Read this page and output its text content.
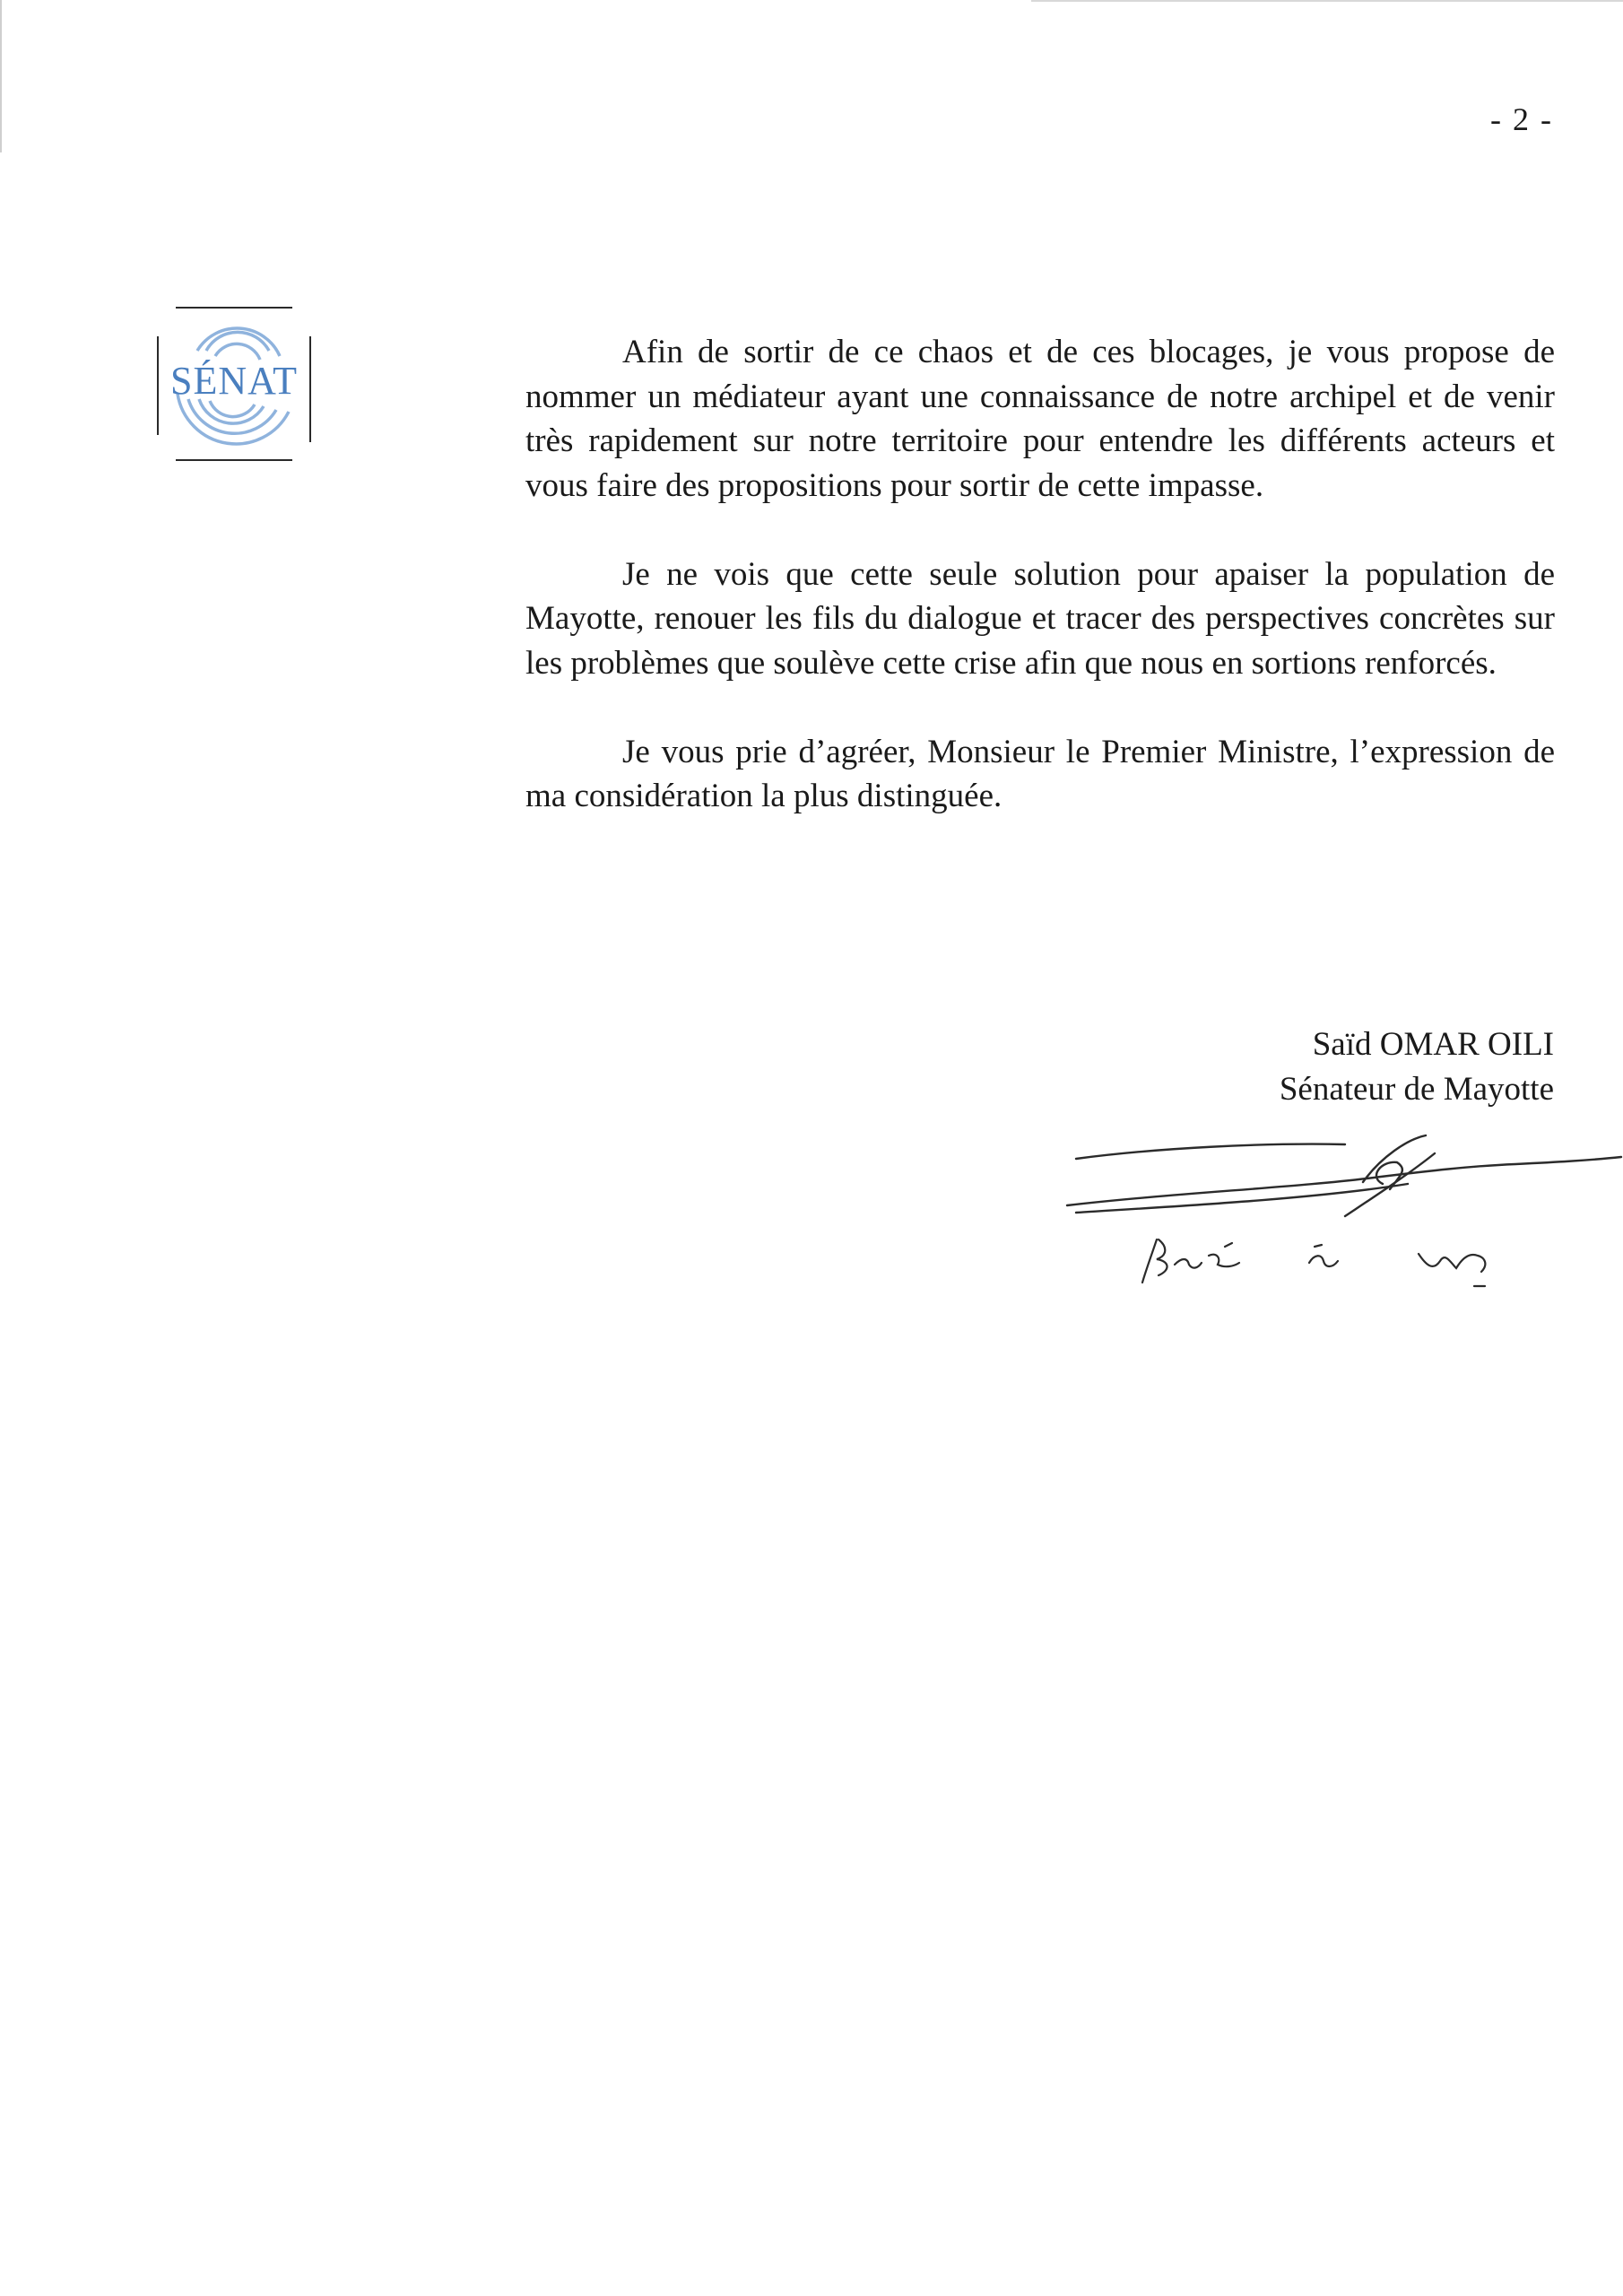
- 2 -
SÉNAT

Afin de sortir de ce chaos et de ces blocages, je vous propose de nommer un médiateur ayant une connaissance de notre archipel et de venir très rapidement sur notre territoire pour entendre les différents acteurs et vous faire des propositions pour sortir de cette impasse.

Je ne vois que cette seule solution pour apaiser la population de Mayotte, renouer les fils du dialogue et tracer des perspectives concrètes sur les problèmes que soulève cette crise afin que nous en sortions renforcés.

Je vous prie d’agréer, Monsieur le Premier Ministre, l’expression de ma considération la plus distinguée.

Saïd OMAR OILI
Sénateur de Mayotte
